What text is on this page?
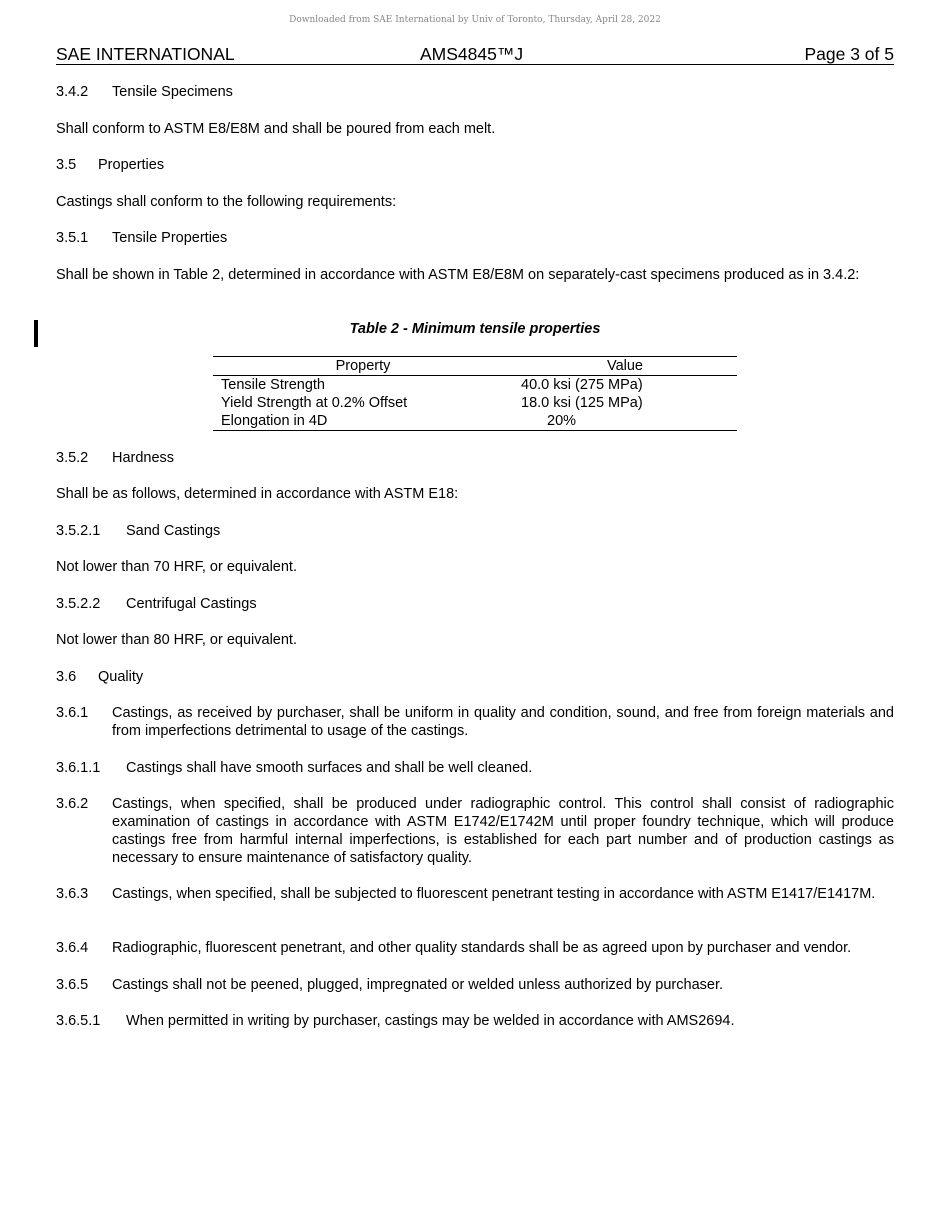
Downloaded from SAE International by Univ of Toronto, Thursday, April 28, 2022
SAE INTERNATIONAL	AMS4845™J	Page 3 of 5
3.4.2 Tensile Specimens
Shall conform to ASTM E8/E8M and shall be poured from each melt.
3.5 Properties
Castings shall conform to the following requirements:
3.5.1 Tensile Properties
Shall be shown in Table 2, determined in accordance with ASTM E8/E8M on separately-cast specimens produced as in 3.4.2:
Table 2 - Minimum tensile properties
Property	Value
Tensile Strength	40.0 ksi (275 MPa)
Yield Strength at 0.2% Offset	18.0 ksi (125 MPa)
Elongation in 4D	20%
3.5.2 Hardness
Shall be as follows, determined in accordance with ASTM E18:
3.5.2.1 Sand Castings
Not lower than 70 HRF, or equivalent.
3.5.2.2 Centrifugal Castings
Not lower than 80 HRF, or equivalent.
3.6 Quality
3.6.1 Castings, as received by purchaser, shall be uniform in quality and condition, sound, and free from foreign materials and from imperfections detrimental to usage of the castings.
3.6.1.1 Castings shall have smooth surfaces and shall be well cleaned.
3.6.2 Castings, when specified, shall be produced under radiographic control. This control shall consist of radiographic examination of castings in accordance with ASTM E1742/E1742M until proper foundry technique, which will produce castings free from harmful internal imperfections, is established for each part number and of production castings as necessary to ensure maintenance of satisfactory quality.
3.6.3 Castings, when specified, shall be subjected to fluorescent penetrant testing in accordance with ASTM E1417/E1417M.
3.6.4 Radiographic, fluorescent penetrant, and other quality standards shall be as agreed upon by purchaser and vendor.
3.6.5 Castings shall not be peened, plugged, impregnated or welded unless authorized by purchaser.
3.6.5.1 When permitted in writing by purchaser, castings may be welded in accordance with AMS2694.
